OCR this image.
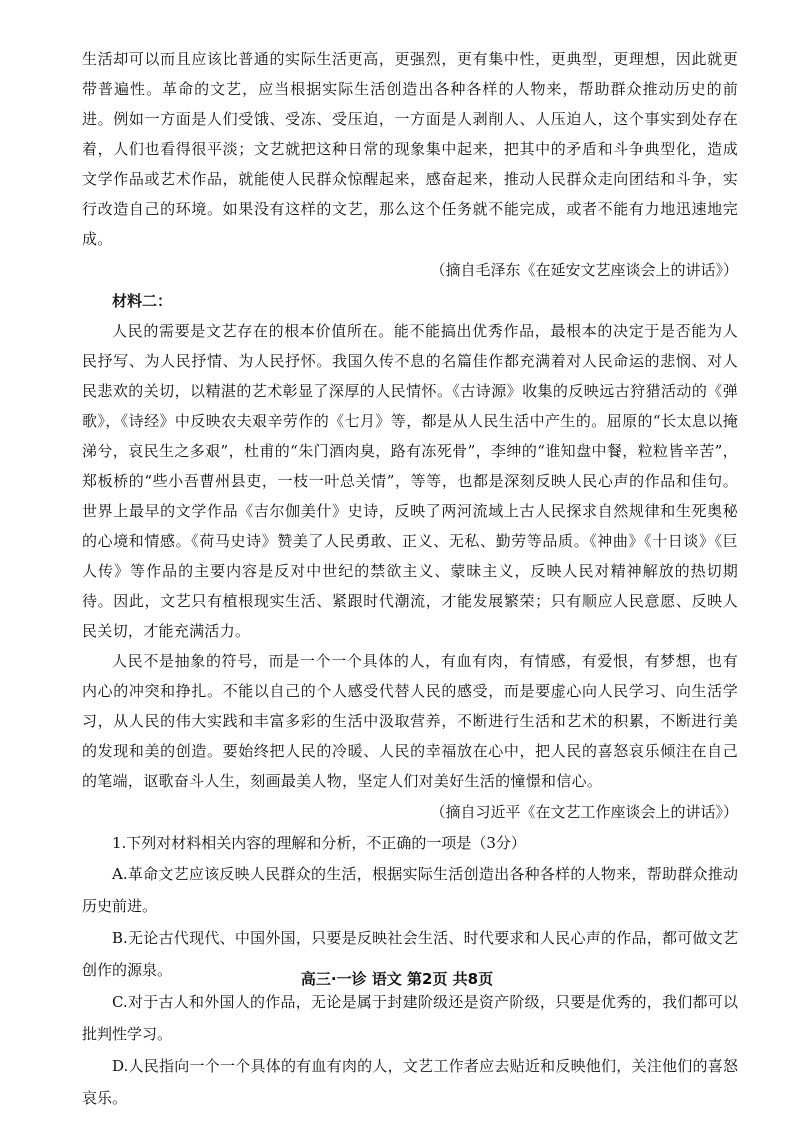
生活却可以而且应该比普通的实际生活更高，更强烈，更有集中性，更典型，更理想，因此就更带普遍性。革命的文艺，应当根据实际生活创造出各种各样的人物来，帮助群众推动历史的前进。例如一方面是人们受饿、受冻、受压迫，一方面是人剥削人、人压迫人，这个事实到处存在着，人们也看得很平淡；文艺就把这种日常的现象集中起来，把其中的矛盾和斗争典型化，造成文学作品或艺术作品，就能使人民群众惊醒起来，感奋起来，推动人民群众走向团结和斗争，实行改造自己的环境。如果没有这样的文艺，那么这个任务就不能完成，或者不能有力地迅速地完成。

（摘自毛泽东《在延安文艺座谈会上的讲话》）

材料二：

人民的需要是文艺存在的根本价值所在。能不能搞出优秀作品，最根本的决定于是否能为人民抒写、为人民抒情、为人民抒怀。我国久传不息的名篇佳作都充满着对人民命运的悲悯、对人民悲欢的关切，以精湛的艺术彰显了深厚的人民情怀。《古诗源》收集的反映远古狩猎活动的《弹歌》，《诗经》中反映农夫艰辛劳作的《七月》等，都是从人民生活中产生的。屈原的“长太息以掩涕兮，哀民生之多艰”，杜甫的“朱门酒肉臭，路有冻死骨”，李绅的“谁知盘中餐，粒粒皆辛苦”，郑板桥的“些小吾曹州县吏，一枝一叶总关情”，等等，也都是深刻反映人民心声的作品和佳句。世界上最早的文学作品《吉尔伽美什》史诗，反映了两河流域上古人民探求自然规律和生死奥秘的心境和情感。《荷马史诗》赞美了人民勇敢、正义、无私、勤劳等品质。《神曲》《十日谈》《巨人传》等作品的主要内容是反对中世纪的禁欲主义、蒙昧主义，反映人民对精神解放的热切期待。因此，文艺只有植根现实生活、紧跟时代潮流，才能发展繁荣；只有顺应人民意愿、反映人民关切，才能充满活力。

人民不是抽象的符号，而是一个一个具体的人，有血有肉，有情感，有爱恨，有梦想，也有内心的冲突和挣扎。不能以自己的个人感受代替人民的感受，而是要虚心向人民学习、向生活学习，从人民的伟大实践和丰富多彩的生活中汲取营养，不断进行生活和艺术的积累，不断进行美的发现和美的创造。要始终把人民的冷暖、人民的幸福放在心中，把人民的喜怒哀乐倾注在自己的笔端，讴歌奋斗人生，刻画最美人物，坚定人们对美好生活的憧憬和信心。

（摘自习近平《在文艺工作座谈会上的讲话》）

1.下列对材料相关内容的理解和分析，不正确的一项是（3分）

A.革命文艺应该反映人民群众的生活，根据实际生活创造出各种各样的人物来，帮助群众推动历史前进。

B.无论古代现代、中国外国，只要是反映社会生活、时代要求和人民心声的作品，都可做文艺创作的源泉。

C.对于古人和外国人的作品，无论是属于封建阶级还是资产阶级，只要是优秀的，我们都可以批判性学习。

D.人民指向一个一个具体的有血有肉的人，文艺工作者应去贴近和反映他们，关注他们的喜怒哀乐。

高三·一诊 语文 第2页 共8页
